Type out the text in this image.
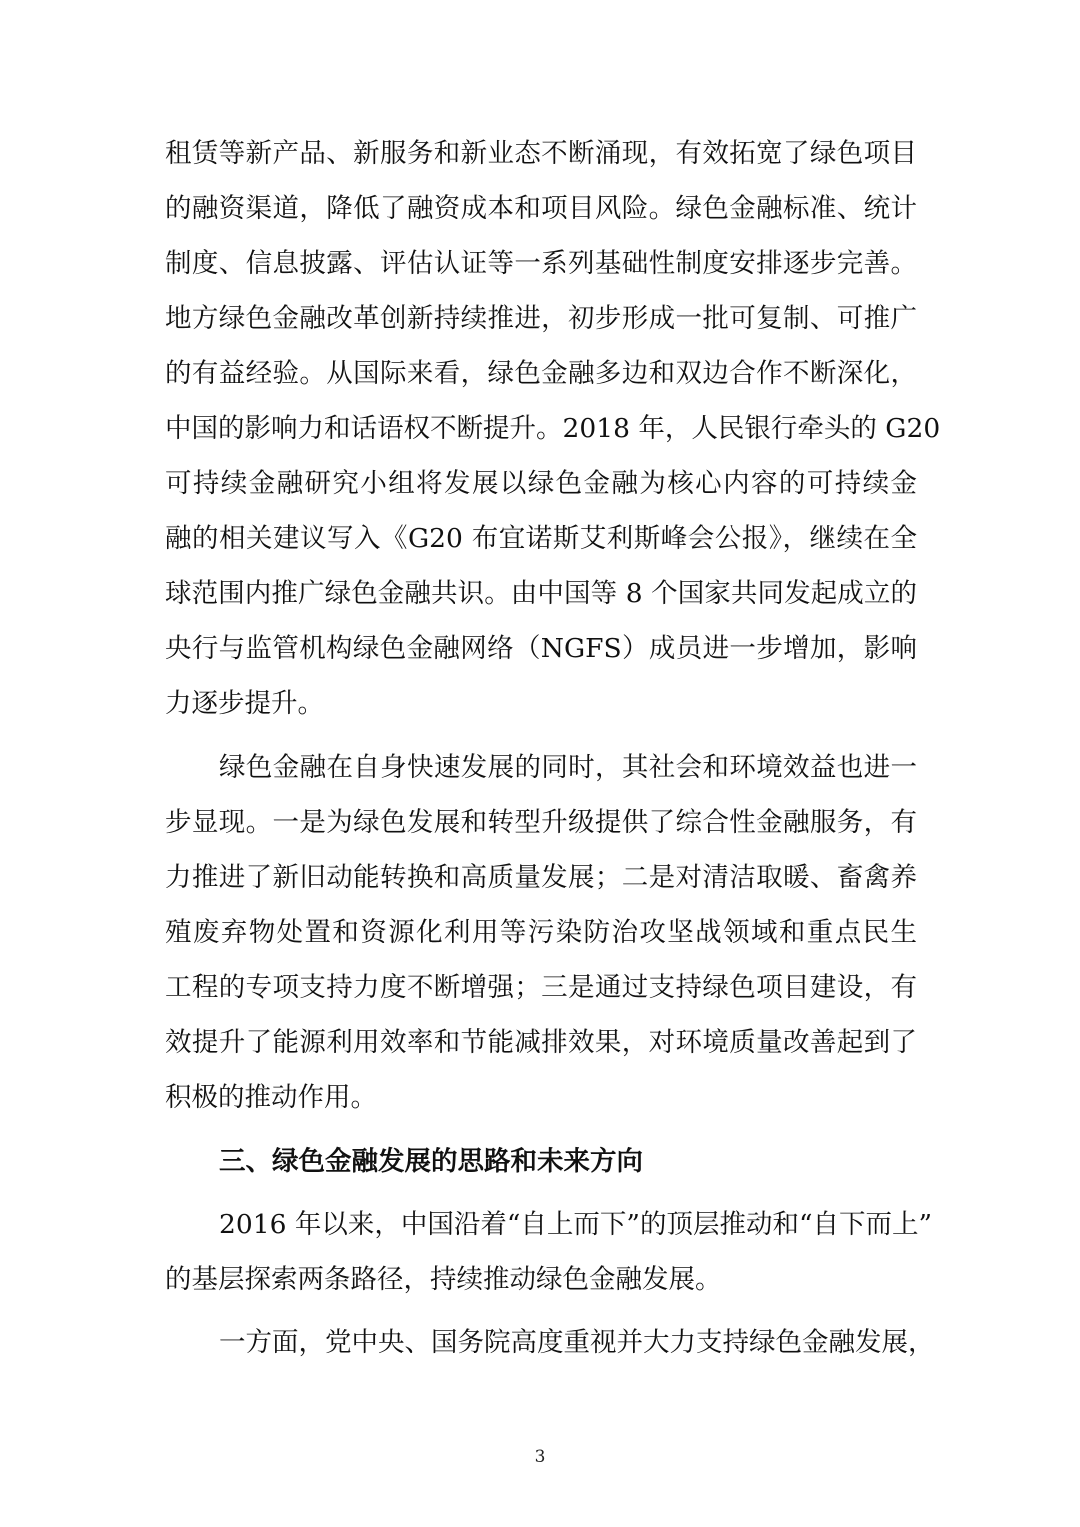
租赁等新产品、新服务和新业态不断涌现，有效拓宽了绿色项目
的融资渠道，降低了融资成本和项目风险。绿色金融标准、统计
制度、信息披露、评估认证等一系列基础性制度安排逐步完善。
地方绿色金融改革创新持续推进，初步形成一批可复制、可推广
的有益经验。从国际来看，绿色金融多边和双边合作不断深化，
中国的影响力和话语权不断提升。2018 年，人民银行牵头的 G20
可持续金融研究小组将发展以绿色金融为核心内容的可持续金
融的相关建议写入《G20 布宜诺斯艾利斯峰会公报》，继续在全
球范围内推广绿色金融共识。由中国等 8 个国家共同发起成立的
央行与监管机构绿色金融网络（NGFS）成员进一步增加，影响
力逐步提升。
绿色金融在自身快速发展的同时，其社会和环境效益也进一
步显现。一是为绿色发展和转型升级提供了综合性金融服务，有
力推进了新旧动能转换和高质量发展；二是对清洁取暖、畜禽养
殖废弃物处置和资源化利用等污染防治攻坚战领域和重点民生
工程的专项支持力度不断增强；三是通过支持绿色项目建设，有
效提升了能源利用效率和节能减排效果，对环境质量改善起到了
积极的推动作用。
三、绿色金融发展的思路和未来方向
2016 年以来，中国沿着“自上而下”的顶层推动和“自下而上”
的基层探索两条路径，持续推动绿色金融发展。
一方面，党中央、国务院高度重视并大力支持绿色金融发展，
3
